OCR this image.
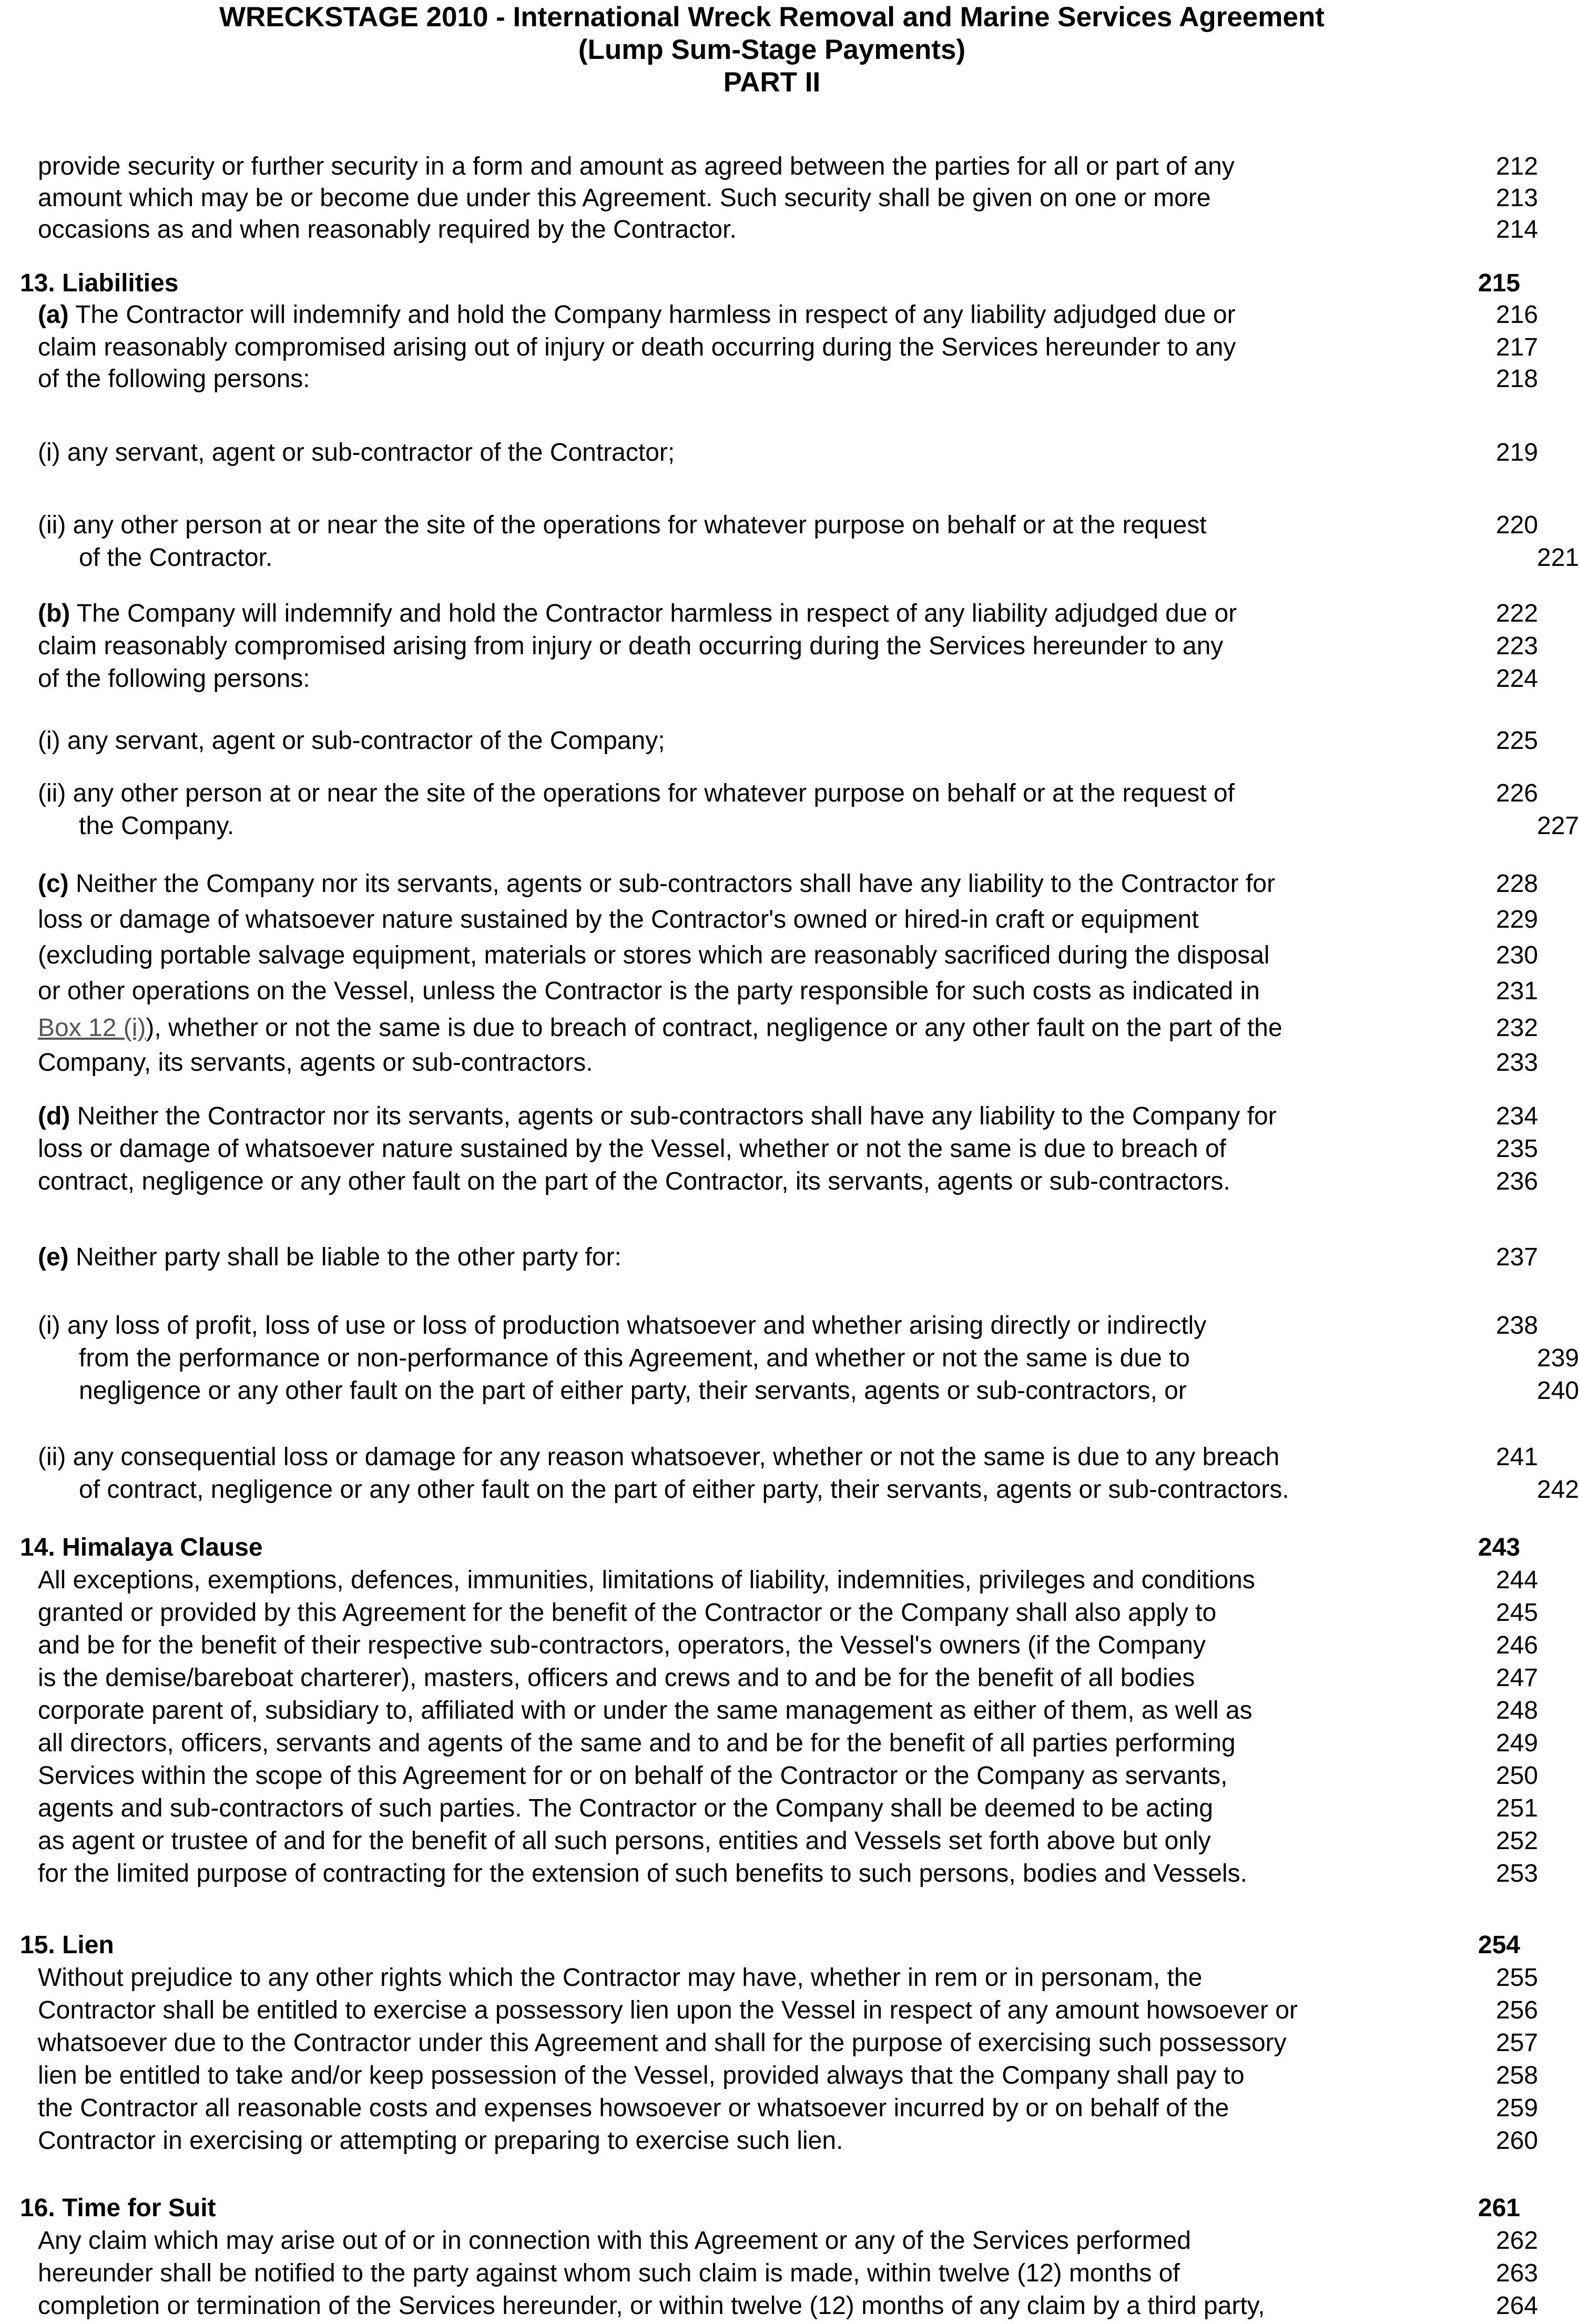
WRECKSTAGE 2010 - International Wreck Removal and Marine Services Agreement
(Lump Sum-Stage Payments)
PART II
provide security or further security in a form and amount as agreed between the parties for all or part of any	212
amount which may be or become due under this Agreement. Such security shall be given on one or more	213
occasions as and when reasonably required by the Contractor.	214
13. Liabilities	215
(a) The Contractor will indemnify and hold the Company harmless in respect of any liability adjudged due or	216
claim reasonably compromised arising out of injury or death occurring during the Services hereunder to any	217
of the following persons:	218
(i) any servant, agent or sub-contractor of the Contractor;	219
(ii) any other person at or near the site of the operations for whatever purpose on behalf or at the request	220
of the Contractor.	221
(b) The Company will indemnify and hold the Contractor harmless in respect of any liability adjudged due or	222
claim reasonably compromised arising from injury or death occurring during the Services hereunder to any	223
of the following persons:	224
(i) any servant, agent or sub-contractor of the Company;	225
(ii) any other person at or near the site of the operations for whatever purpose on behalf or at the request of	226
the Company.	227
(c) Neither the Company nor its servants, agents or sub-contractors shall have any liability to the Contractor for	228
loss or damage of whatsoever nature sustained by the Contractor's owned or hired-in craft or equipment	229
(excluding portable salvage equipment, materials or stores which are reasonably sacrificed during the disposal	230
or other operations on the Vessel, unless the Contractor is the party responsible for such costs as indicated in	231
Box 12 (i)), whether or not the same is due to breach of contract, negligence or any other fault on the part of the	232
Company, its servants, agents or sub-contractors.	233
(d) Neither the Contractor nor its servants, agents or sub-contractors shall have any liability to the Company for	234
loss or damage of whatsoever nature sustained by the Vessel, whether or not the same is due to breach of	235
contract, negligence or any other fault on the part of the Contractor, its servants, agents or sub-contractors.	236
(e) Neither party shall be liable to the other party for:	237
(i) any loss of profit, loss of use or loss of production whatsoever and whether arising directly or indirectly	238
from the performance or non-performance of this Agreement, and whether or not the same is due to	239
negligence or any other fault on the part of either party, their servants, agents or sub-contractors, or	240
(ii) any consequential loss or damage for any reason whatsoever, whether or not the same is due to any breach	241
of contract, negligence or any other fault on the part of either party, their servants, agents or sub-contractors.	242
14. Himalaya Clause	243
All exceptions, exemptions, defences, immunities, limitations of liability, indemnities, privileges and conditions	244
granted or provided by this Agreement for the benefit of the Contractor or the Company shall also apply to	245
and be for the benefit of their respective sub-contractors, operators, the Vessel's owners (if the Company	246
is the demise/bareboat charterer), masters, officers and crews and to and be for the benefit of all bodies	247
corporate parent of, subsidiary to, affiliated with or under the same management as either of them, as well as	248
all directors, officers, servants and agents of the same and to and be for the benefit of all parties performing	249
Services within the scope of this Agreement for or on behalf of the Contractor or the Company as servants,	250
agents and sub-contractors of such parties. The Contractor or the Company shall be deemed to be acting	251
as agent or trustee of and for the benefit of all such persons, entities and Vessels set forth above but only	252
for the limited purpose of contracting for the extension of such benefits to such persons, bodies and Vessels.	253
15. Lien	254
Without prejudice to any other rights which the Contractor may have, whether in rem or in personam, the	255
Contractor shall be entitled to exercise a possessory lien upon the Vessel in respect of any amount howsoever or	256
whatsoever due to the Contractor under this Agreement and shall for the purpose of exercising such possessory	257
lien be entitled to take and/or keep possession of the Vessel, provided always that the Company shall pay to	258
the Contractor all reasonable costs and expenses howsoever or whatsoever incurred by or on behalf of the	259
Contractor in exercising or attempting or preparing to exercise such lien.	260
16. Time for Suit	261
Any claim which may arise out of or in connection with this Agreement or any of the Services performed	262
hereunder shall be notified to the party against whom such claim is made, within twelve (12) months of	263
completion or termination of the Services hereunder, or within twelve (12) months of any claim by a third party,	264
